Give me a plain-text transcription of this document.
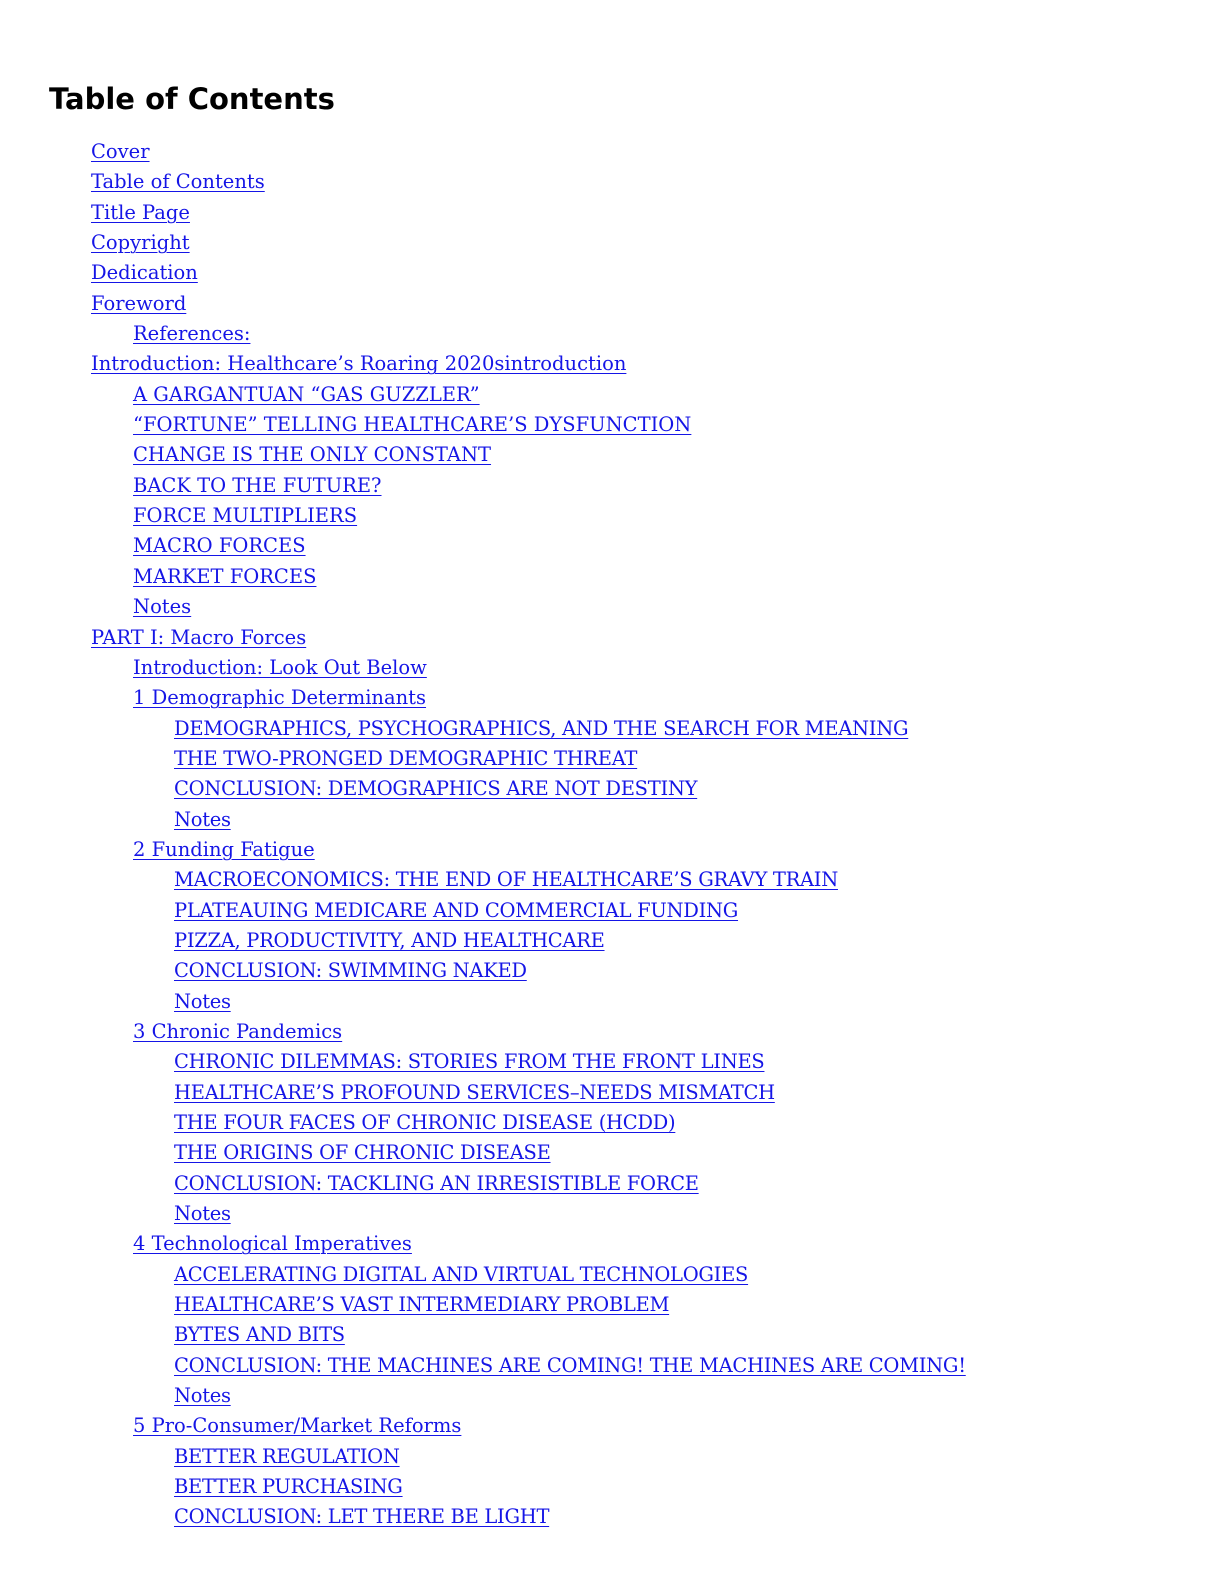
Table of Contents
Cover
Table of Contents
Title Page
Copyright
Dedication
Foreword
References:
Introduction: Healthcare’s Roaring 2020sintroduction
A GARGANTUAN “GAS GUZZLER”
“FORTUNE” TELLING HEALTHCARE’S DYSFUNCTION
CHANGE IS THE ONLY CONSTANT
BACK TO THE FUTURE?
FORCE MULTIPLIERS
MACRO FORCES
MARKET FORCES
Notes
PART I: Macro Forces
Introduction: Look Out Below
1 Demographic Determinants
DEMOGRAPHICS, PSYCHOGRAPHICS, AND THE SEARCH FOR MEANING
THE TWO-PRONGED DEMOGRAPHIC THREAT
CONCLUSION: DEMOGRAPHICS ARE NOT DESTINY
Notes
2 Funding Fatigue
MACROECONOMICS: THE END OF HEALTHCARE’S GRAVY TRAIN
PLATEAUING MEDICARE AND COMMERCIAL FUNDING
PIZZA, PRODUCTIVITY, AND HEALTHCARE
CONCLUSION: SWIMMING NAKED
Notes
3 Chronic Pandemics
CHRONIC DILEMMAS: STORIES FROM THE FRONT LINES
HEALTHCARE’S PROFOUND SERVICES–NEEDS MISMATCH
THE FOUR FACES OF CHRONIC DISEASE (HCDD)
THE ORIGINS OF CHRONIC DISEASE
CONCLUSION: TACKLING AN IRRESISTIBLE FORCE
Notes
4 Technological Imperatives
ACCELERATING DIGITAL AND VIRTUAL TECHNOLOGIES
HEALTHCARE’S VAST INTERMEDIARY PROBLEM
BYTES AND BITS
CONCLUSION: THE MACHINES ARE COMING! THE MACHINES ARE COMING!
Notes
5 Pro-Consumer/Market Reforms
BETTER REGULATION
BETTER PURCHASING
CONCLUSION: LET THERE BE LIGHT
